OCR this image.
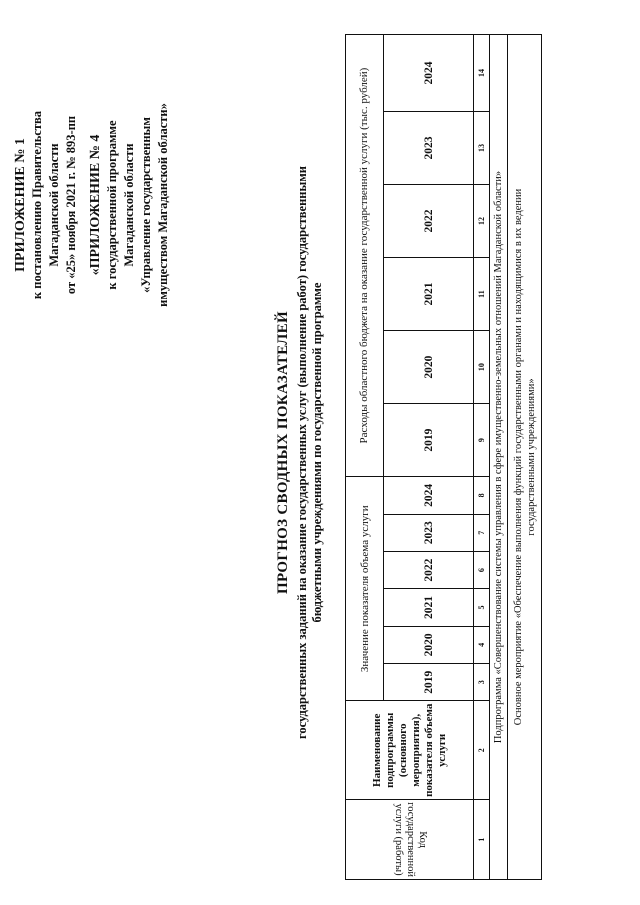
ПРИЛОЖЕНИЕ № 1 к постановлению Правительства Магаданской области от «25» ноября 2021 г. № 893-пп «ПРИЛОЖЕНИЕ № 4 к государственной программе Магаданской области «Управление государственным имуществом Магаданской области»
ПРОГНОЗ СВОДНЫХ ПОКАЗАТЕЛЕЙ государственных заданий на оказание государственных услуг (выполнение работ) государственными бюджетными учреждениями по государственной программе
Код государственной услуги (работы)	Наименование подпрограммы (основного мероприятия), показателя объема услуги	Значение показателя объема услуги						Расходы областного бюджета на оказание государственной услуги (тыс. рублей)					
		2019	2020	2021	2022	2023	2024	2019	2020	2021	2022	2023	2024
1	2	3	4	5	6	7	8	9	10	11	12	13	14
Подпрограмма «Совершенствование системы управления в сфере имущественно-земельных отношений Магаданской области»													
Основное мероприятие «Обеспечение выполнения функций государственными органами и находящимися в их ведении государственными учреждениями»													
